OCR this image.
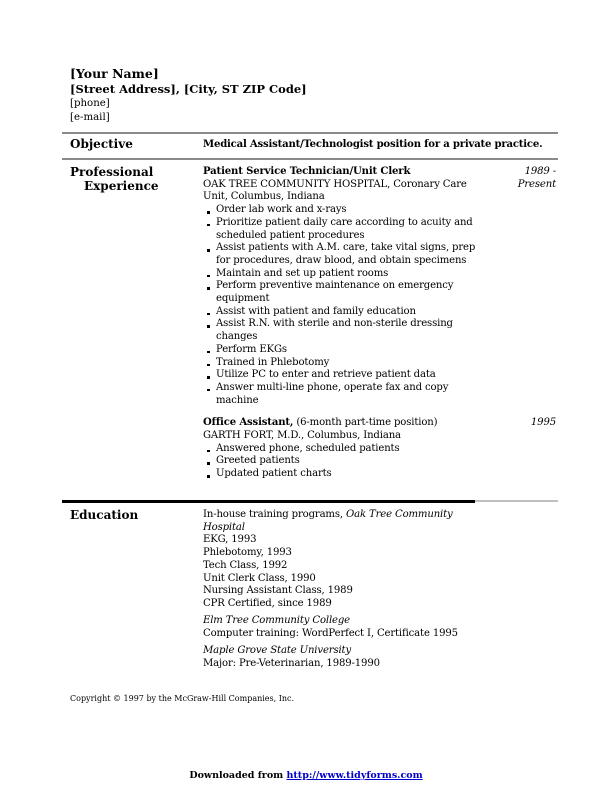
[Your Name]
[Street Address], [City, ST ZIP Code]
[phone]
[e-mail]
Objective	Medical Assistant/Technologist position for a private practice.
Professional
Experience
Patient Service Technician/Unit Clerk
OAK TREE COMMUNITY HOSPITAL, Coronary Care Unit, Columbus, Indiana
Order lab work and x-rays
Prioritize patient daily care according to acuity and scheduled patient procedures
Assist patients with A.M. care, take vital signs, prep for procedures, draw blood, and obtain specimens
Maintain and set up patient rooms
Perform preventive maintenance on emergency equipment
Assist with patient and family education
Assist R.N. with sterile and non-sterile dressing changes
Perform EKGs
Trained in Phlebotomy
Utilize PC to enter and retrieve patient data
Answer multi-line phone, operate fax and copy machine
1989 - Present
Office Assistant, (6-month part-time position)
GARTH FORT, M.D., Columbus, Indiana
Answered phone, scheduled patients
Greeted patients
Updated patient charts
1995
Education	In-house training programs, Oak Tree Community Hospital
EKG, 1993
Phlebotomy, 1993
Tech Class, 1992
Unit Clerk Class, 1990
Nursing Assistant Class, 1989
CPR Certified, since 1989
Elm Tree Community College
Computer training: WordPerfect I, Certificate 1995
Maple Grove State University
Major: Pre-Veterinarian, 1989-1990
Copyright © 1997 by the McGraw-Hill Companies, Inc.
Downloaded from http://www.tidyforms.com
